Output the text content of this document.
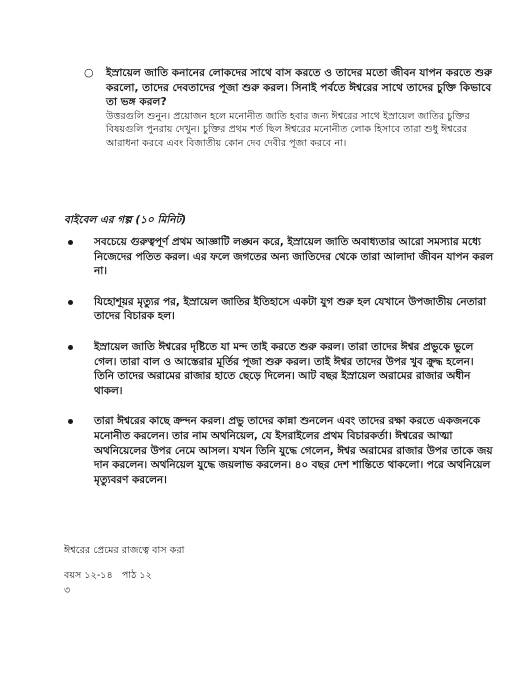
○ ইস্রায়েল জাতি কনানের লোকদের সাথে বাস করতে ও তাদের মতো জীবন যাপন করতে শুরু করলো, তাদের দেবতাদের পূজা শুরু করল। সিনাই পর্বতে ঈশ্বরের সাথে তাদের চুক্তি কিভাবে তা ভঙ্গ করল?

উত্তরগুলি শুনুন। প্রয়োজন হলে মনোনীত জাতি হবার জন্য ঈশ্বরের সাথে ইস্রায়েল জাতির চুক্তির বিষয়গুলি পুনরায় দেখুন। চুক্তির প্রথম শর্ত ছিল ঈশ্বরের মনোনীত লোক হিসাবে তারা শুধু ঈশ্বরের আরাধনা করবে এবং বিজাতীয় কোন দেব দেবীর পূজা করবে না।

বাইবেল এর গল্প (১০ মিনিট)

সবচেয়ে গুরুত্বপূর্ণ প্রথম আজ্ঞাটি লঙ্ঘন করে, ইস্রায়েল জাতি অবাধ্যতার আরো সমস্যার মধ্যে নিজেদের পতিত করল। এর ফলে জগতের অন্য জাতিদের থেকে তারা আলাদা জীবন যাপন করল না।
যিহোশূয়র মৃত্যুর পর, ইস্রায়েল জাতির ইতিহাসে একটা যুগ শুরু হল যেখানে উপজাতীয় নেতারা তাদের বিচারক হল।
ইস্রায়েল জাতি ঈশ্বরের দৃষ্টিতে যা মন্দ তাই করতে শুরু করল। তারা তাদের ঈশ্বর প্রভুকে ভুলে গেল। তারা বাল ও আস্তেরার মূর্তির পূজা শুরু করল। তাই ঈশ্বর তাদের উপর খুব ক্রুদ্ধ হলেন। তিনি তাদের অরামের রাজার হাতে ছেড়ে দিলেন। আট বছর ইস্রায়েল অরামের রাজার অধীন থাকল।
তারা ঈশ্বরের কাছে ক্রন্দন করল। প্রভু তাদের কান্না শুনলেন এবং তাদের রক্ষা করতে একজনকে মনোনীত করলেন। তার নাম অথনিয়েল, যে ইসরাইলের প্রথম বিচারকর্তা। ঈশ্বরের আত্মা অথনিয়েলের উপর নেমে আসল। যখন তিনি যুদ্ধে গেলেন, ঈশ্বর অরামের রাজার উপর তাকে জয় দান করলেন। অথনিয়েল যুদ্ধে জয়লাভ করলেন। ৪০ বছর দেশ শান্তিতে থাকলো। পরে অথনিয়েল মৃত্যুবরণ করলেন।

ঈশ্বরের প্রেমের রাজত্বে বাস করা

বয়স ১২-১৪   পাঠ ১২

৩
